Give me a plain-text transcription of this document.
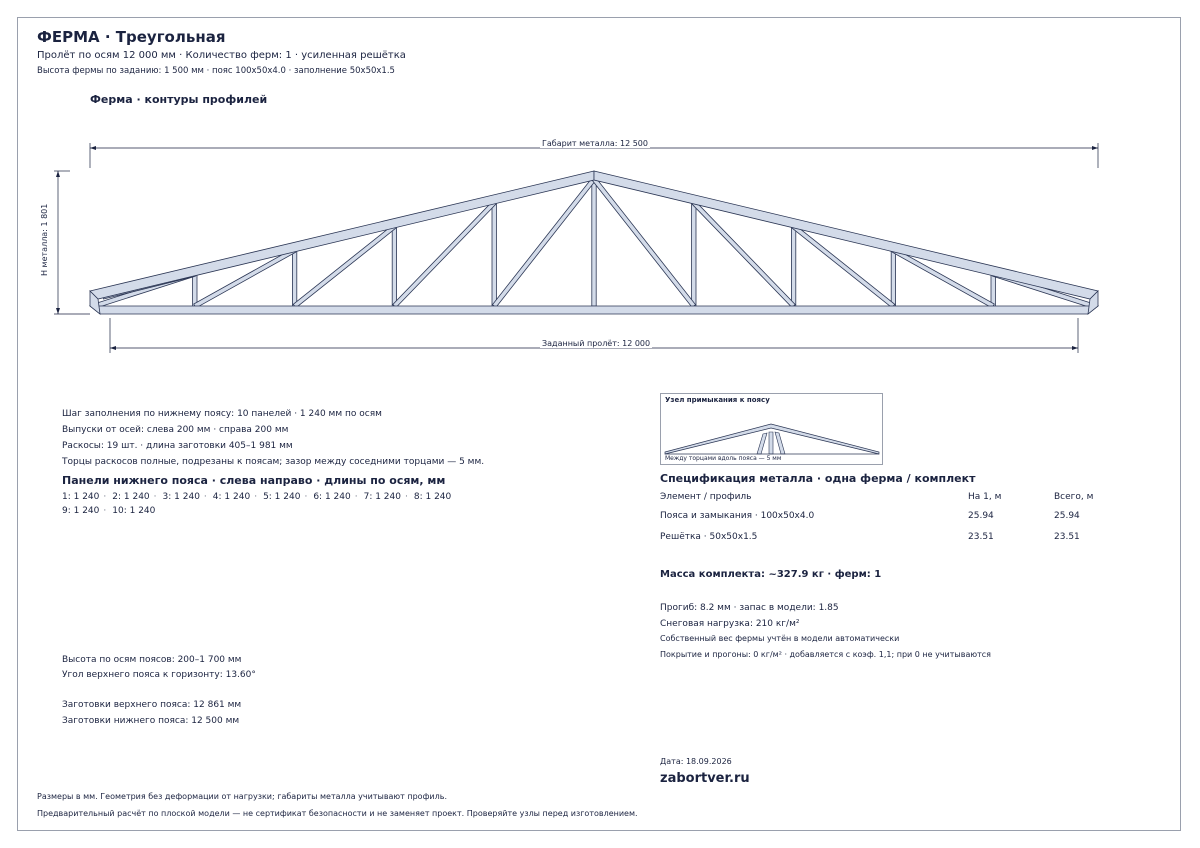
ФЕРМА · Треугольная
Пролёт по осям 12 000 мм · Количество ферм: 1 · усиленная решётка
Высота фермы по заданию: 1 500 мм · пояс 100x50x4.0 · заполнение 50x50x1.5
Ферма · контуры профилей
Габарит металла: 12 500
H металла: 1 801
Заданный пролёт: 12 000
Шаг заполнения по нижнему поясу: 10 панелей · 1 240 мм по осям
Выпуски от осей: слева 200 мм · справа 200 мм
Раскосы: 19 шт. · длина заготовки 405–1 981 мм
Торцы раскосов полные, подрезаны к поясам; зазор между соседними торцами — 5 мм.
Панели нижнего пояса · слева направо · длины по осям, мм
1: 1 240 · 2: 1 240 · 3: 1 240 · 4: 1 240 · 5: 1 240 · 6: 1 240 · 7: 1 240 · 8: 1 240
9: 1 240 · 10: 1 240
Узел примыкания к поясу
Между торцами вдоль пояса — 5 мм
Спецификация металла · одна ферма / комплект
Элемент / профиль	На 1, м	Всего, м
Пояса и замыкания · 100x50x4.0	25.94	25.94
Решётка · 50x50x1.5	23.51	23.51
Масса комплекта: ~327.9 кг · ферм: 1
Прогиб: 8.2 мм · запас в модели: 1.85
Снеговая нагрузка: 210 кг/м²
Собственный вес фермы учтён в модели автоматически
Покрытие и прогоны: 0 кг/м² · добавляется с коэф. 1,1; при 0 не учитываются
Высота по осям поясов: 200–1 700 мм
Угол верхнего пояса к горизонту: 13.60°
Заготовки верхнего пояса: 12 861 мм
Заготовки нижнего пояса: 12 500 мм
Дата: 18.09.2026
zabortver.ru
Размеры в мм. Геометрия без деформации от нагрузки; габариты металла учитывают профиль.
Предварительный расчёт по плоской модели — не сертификат безопасности и не заменяет проект. Проверяйте узлы перед изготовлением.
